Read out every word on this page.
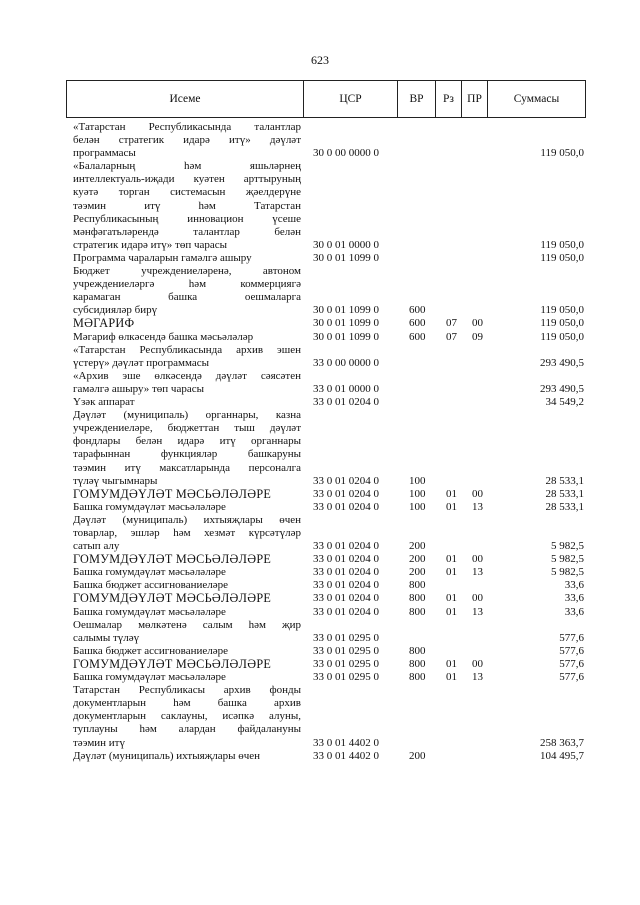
623
Исеме	ЦСР	ВР	Рз	ПР	Суммасы
«Татарстан Республикасында талантлар
белән стратегик идарә итү» дәүләт
программасы	30 0 00 0000 0	119 050,0
«Балаларның һәм яшьләрнең
интеллектуаль-иҗади куәтен арттыруның
куәтә торган системасын җәелдерүне
тәэмин итү һәм Татарстан
Республикасының инновацион үсеше
мәнфәгатьләрендә талантлар белән
стратегик идарә итү» төп чарасы	30 0 01 0000 0	119 050,0
Программа чараларын гамәлгә ашыру	30 0 01 1099 0	119 050,0
Бюджет учреждениеләренә, автоном
учреждениеләргә һәм коммерциягә
карамаган башка оешмаларга
субсидияләр бирү	30 0 01 1099 0	600	119 050,0
МӘГАРИФ	30 0 01 1099 0	600 07 00	119 050,0
Мәгариф өлкәсендә башка мәсьәләләр	30 0 01 1099 0	600 07 09	119 050,0
«Татарстан Республикасында архив эшен
үстерү» дәүләт программасы	33 0 00 0000 0	293 490,5
«Архив эше өлкәсендә дәүләт сәясәтен
гамәлгә ашыру» төп чарасы	33 0 01 0000 0	293 490,5
Үзәк аппарат	33 0 01 0204 0	34 549,2
Дәүләт (муниципаль) органнары, казна
учреждениеләре, бюджеттан тыш дәүләт
фондлары белән идарә итү органнары
тарафыннан функцияләр башкаруны
тәэмин итү максатларында персоналга
түләү чыгымнары	33 0 01 0204 0	100	28 533,1
ГОМУМДӘҮЛӘТ МӘСЬӘЛӘЛӘРЕ	33 0 01 0204 0	100 01 00	28 533,1
Башка гомумдәүләт мәсьәләләре	33 0 01 0204 0	100 01 13	28 533,1
Дәүләт (муниципаль) ихтыяҗлары өчен
товарлар, эшләр һәм хезмәт күрсәтүләр
сатып алу	33 0 01 0204 0	200	5 982,5
ГОМУМДӘҮЛӘТ МӘСЬӘЛӘЛӘРЕ	33 0 01 0204 0	200 01 00	5 982,5
Башка гомумдәүләт мәсьәләләре	33 0 01 0204 0	200 01 13	5 982,5
Башка бюджет ассигнованиеләре	33 0 01 0204 0	800	33,6
ГОМУМДӘҮЛӘТ МӘСЬӘЛӘЛӘРЕ	33 0 01 0204 0	800 01 00	33,6
Башка гомумдәүләт мәсьәләләре	33 0 01 0204 0	800 01 13	33,6
Оешмалар мөлкәтенә салым һәм җир
салымы түләү	33 0 01 0295 0	577,6
Башка бюджет ассигнованиеләре	33 0 01 0295 0	800	577,6
ГОМУМДӘҮЛӘТ МӘСЬӘЛӘЛӘРЕ	33 0 01 0295 0	800 01 00	577,6
Башка гомумдәүләт мәсьәләләре	33 0 01 0295 0	800 01 13	577,6
Татарстан Республикасы архив фонды
документларын һәм башка архив
документларын саклауны, исәпкә алуны,
туплауны һәм алардан файдалануны
тәэмин итү	33 0 01 4402 0	258 363,7
Дәүләт (муниципаль) ихтыяҗлары өчен	33 0 01 4402 0	200	104 495,7
